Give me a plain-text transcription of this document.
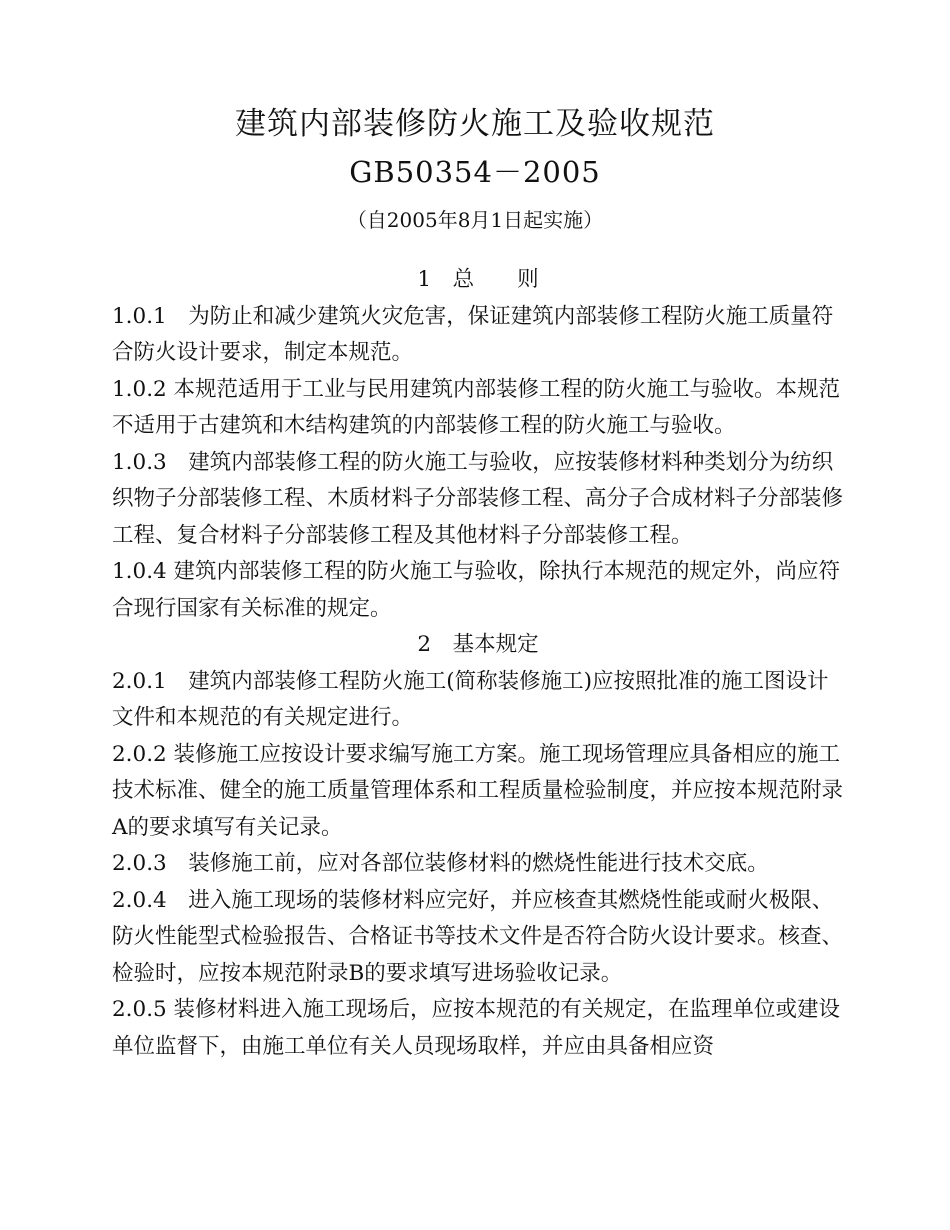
建筑内部装修防火施工及验收规范
GB50354－2005
（自2005年8月1日起实施）
1　总　　则
1.0.1　为防止和减少建筑火灾危害，保证建筑内部装修工程防火施工质量符合防火设计要求，制定本规范。
1.0.2 本规范适用于工业与民用建筑内部装修工程的防火施工与验收。本规范不适用于古建筑和木结构建筑的内部装修工程的防火施工与验收。
1.0.3　建筑内部装修工程的防火施工与验收，应按装修材料种类划分为纺织织物子分部装修工程、木质材料子分部装修工程、高分子合成材料子分部装修工程、复合材料子分部装修工程及其他材料子分部装修工程。
1.0.4 建筑内部装修工程的防火施工与验收，除执行本规范的规定外，尚应符合现行国家有关标准的规定。
2　基本规定
2.0.1　建筑内部装修工程防火施工(简称装修施工)应按照批准的施工图设计文件和本规范的有关规定进行。
2.0.2 装修施工应按设计要求编写施工方案。施工现场管理应具备相应的施工技术标准、健全的施工质量管理体系和工程质量检验制度，并应按本规范附录A的要求填写有关记录。
2.0.3　装修施工前，应对各部位装修材料的燃烧性能进行技术交底。
2.0.4　进入施工现场的装修材料应完好，并应核查其燃烧性能或耐火极限、防火性能型式检验报告、合格证书等技术文件是否符合防火设计要求。核查、检验时，应按本规范附录B的要求填写进场验收记录。
2.0.5 装修材料进入施工现场后，应按本规范的有关规定，在监理单位或建设单位监督下，由施工单位有关人员现场取样，并应由具备相应资
